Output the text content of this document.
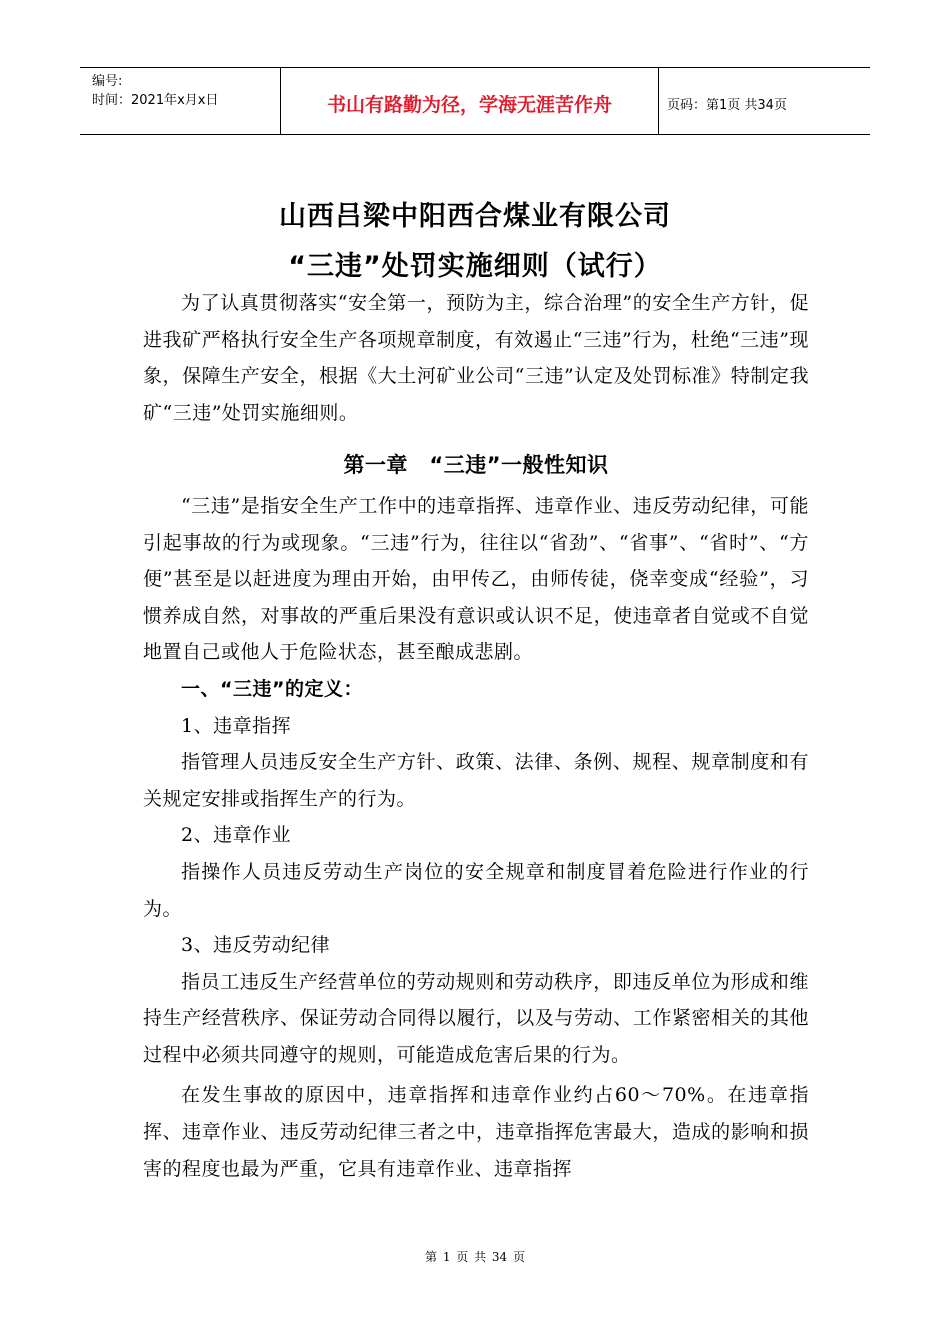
编号:
时间：2021年x月x日	书山有路勤为径，学海无涯苦作舟	页码：第1页 共34页
山西吕梁中阳西合煤业有限公司
“三违”处罚实施细则（试行）

为了认真贯彻落实“安全第一，预防为主，综合治理”的安全生产方针，促进我矿严格执行安全生产各项规章制度，有效遏止“三违”行为，杜绝“三违”现象，保障生产安全，根据《大土河矿业公司“三违”认定及处罚标准》特制定我矿“三违”处罚实施细则。

第一章　“三违”一般性知识

“三违”是指安全生产工作中的违章指挥、违章作业、违反劳动纪律，可能引起事故的行为或现象。“三违”行为，往往以“省劲”、“省事”、“省时”、“方便”甚至是以赶进度为理由开始，由甲传乙，由师传徒，侥幸变成“经验”，习惯养成自然，对事故的严重后果没有意识或认识不足，使违章者自觉或不自觉地置自己或他人于危险状态，甚至酿成悲剧。

一、“三违”的定义：

1、违章指挥

指管理人员违反安全生产方针、政策、法律、条例、规程、规章制度和有关规定安排或指挥生产的行为。

2、违章作业

指操作人员违反劳动生产岗位的安全规章和制度冒着危险进行作业的行为。

3、违反劳动纪律

指员工违反生产经营单位的劳动规则和劳动秩序，即违反单位为形成和维持生产经营秩序、保证劳动合同得以履行，以及与劳动、工作紧密相关的其他过程中必须共同遵守的规则，可能造成危害后果的行为。

在发生事故的原因中，违章指挥和违章作业约占60～70%。在违章指挥、违章作业、违反劳动纪律三者之中，违章指挥危害最大，造成的影响和损害的程度也最为严重，它具有违章作业、违章指挥

第 1 页 共 34 页
